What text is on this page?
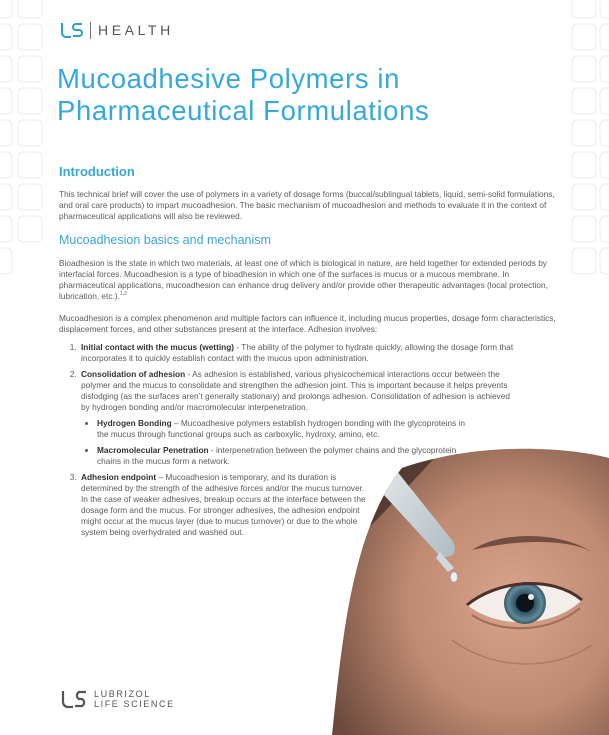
HEALTH
Mucoadhesive Polymers in
Pharmaceutical Formulations
Introduction

This technical brief will cover the use of polymers in a variety of dosage forms (buccal/sublingual tablets, liquid, semi-solid formulations, and oral care products) to impart mucoadhesion. The basic mechanism of mucoadhesion and methods to evaluate it in the context of pharmaceutical applications will also be reviewed.

Mucoadhesion basics and mechanism

Bioadhesion is the state in which two materials, at least one of which is biological in nature, are held together for extended periods by interfacial forces. Mucoadhesion is a type of bioadhesion in which one of the surfaces is mucus or a mucous membrane. In pharmaceutical applications, mucoadhesion can enhance drug delivery and/or provide other therapeutic advantages (local protection, lubrication, etc.).$^{1,2}$

Mucoadhesion is a complex phenomenon and multiple factors can influence it, including mucus properties, dosage form characteristics, displacement forces, and other substances present at the interface. Adhesion involves:

1. Initial contact with the mucus (wetting) - The ability of the polymer to hydrate quickly, allowing the dosage form that incorporates it to quickly establish contact with the mucus upon administration.
2. Consolidation of adhesion - As adhesion is established, various physicochemical interactions occur between the polymer and the mucus to consolidate and strengthen the adhesion joint. This is important because it helps prevents dislodging (as the surfaces aren’t generally stationary) and prolongs adhesion. Consolidation of adhesion is achieved by hydrogen bonding and/or macromolecular interpenetration.
• Hydrogen Bonding – Mucoadhesive polymers establish hydrogen bonding with the glycoproteins in the mucus through functional groups such as carboxylic, hydroxy, amino, etc.
• Macromolecular Penetration - interpenetration between the polymer chains and the glycoprotein chains in the mucus form a network.
3. Adhesion endpoint – Mucoadhesion is temporary, and its duration is determined by the strength of the adhesive forces and/or the mucus turnover. In the case of weaker adhesives, breakup occurs at the interface between the dosage form and the mucus. For stronger adhesives, the adhesion endpoint might occur at the mucus layer (due to mucus turnover) or due to the whole system being overhydrated and washed out.
LUBRIZOL
LIFE SCIENCE
